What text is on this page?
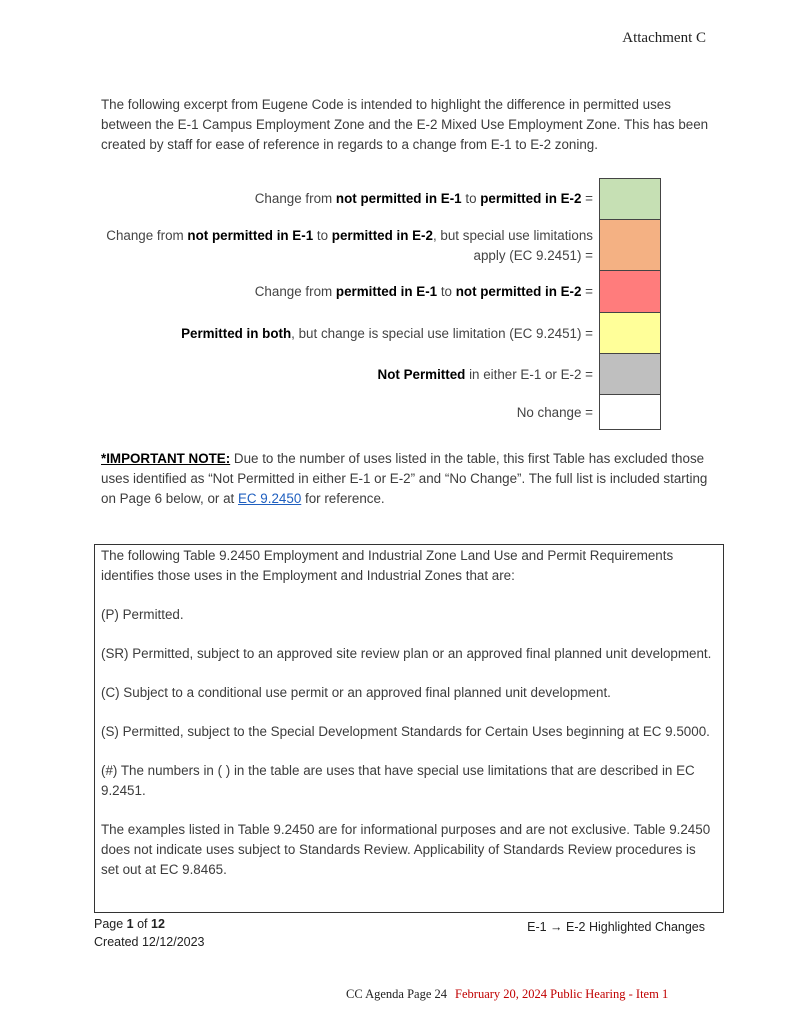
Attachment C
The following excerpt from Eugene Code is intended to highlight the difference in permitted uses between the E-1 Campus Employment Zone and the E-2 Mixed Use Employment Zone. This has been created by staff for ease of reference in regards to a change from E-1 to E-2 zoning.
Change from not permitted in E-1 to permitted in E-2 =
Change from not permitted in E-1 to permitted in E-2, but special use limitations apply (EC 9.2451) =
Change from permitted in E-1 to not permitted in E-2 =
Permitted in both, but change is special use limitation (EC 9.2451) =
Not Permitted in either E-1 or E-2 =
No change =
*IMPORTANT NOTE: Due to the number of uses listed in the table, this first Table has excluded those uses identified as “Not Permitted in either E-1 or E-2” and “No Change”. The full list is included starting on Page 6 below, or at EC 9.2450 for reference.

The following Table 9.2450 Employment and Industrial Zone Land Use and Permit Requirements identifies those uses in the Employment and Industrial Zones that are:

(P) Permitted.

(SR) Permitted, subject to an approved site review plan or an approved final planned unit development.

(C) Subject to a conditional use permit or an approved final planned unit development.

(S) Permitted, subject to the Special Development Standards for Certain Uses beginning at EC 9.5000.

(#) The numbers in ( ) in the table are uses that have special use limitations that are described in EC 9.2451.

The examples listed in Table 9.2450 are for informational purposes and are not exclusive. Table 9.2450 does not indicate uses subject to Standards Review. Applicability of Standards Review procedures is set out at EC 9.8465.

Page 1 of 12
Created 12/12/2023
E-1 → E-2 Highlighted Changes
CC Agenda Page 24 February 20, 2024 Public Hearing - Item 1
